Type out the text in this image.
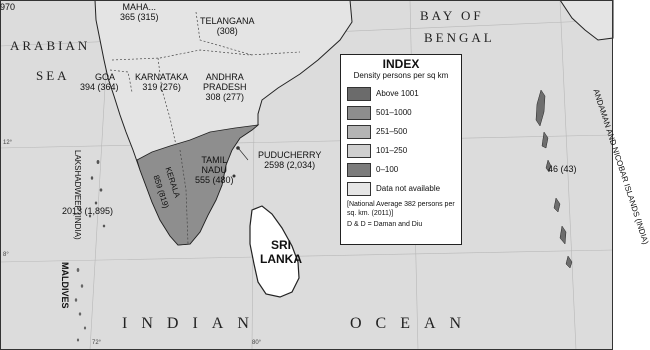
ARABIAN
SEA
BAY OF
BENGAL
INDIAN	OCEAN
970	MAHA...
365 (315)	TELANGANA
(308)
GOA
394 (364)
KARNATAKA
319 (276)
ANDHRA
PRADESH
308 (277)
TAMIL
NADU
555 (480)
KERALA
859 (819)
PUDUCHERRY
2598 (2,034)
LAKSHADWEEP (INDIA)
2013 (1,895)	ANDAMAN AND NICOBAR ISLANDS (INDIA)
46 (43)
SRI
LANKA
MALDIVES
12°
8°
80°
72°
INDEX
Density persons per sq km
Above 1001
501–1000
251–500
101–250
0–100
Data not available
[National Average 382 persons per sq. km. (2011)]
D & D = Daman and Diu
